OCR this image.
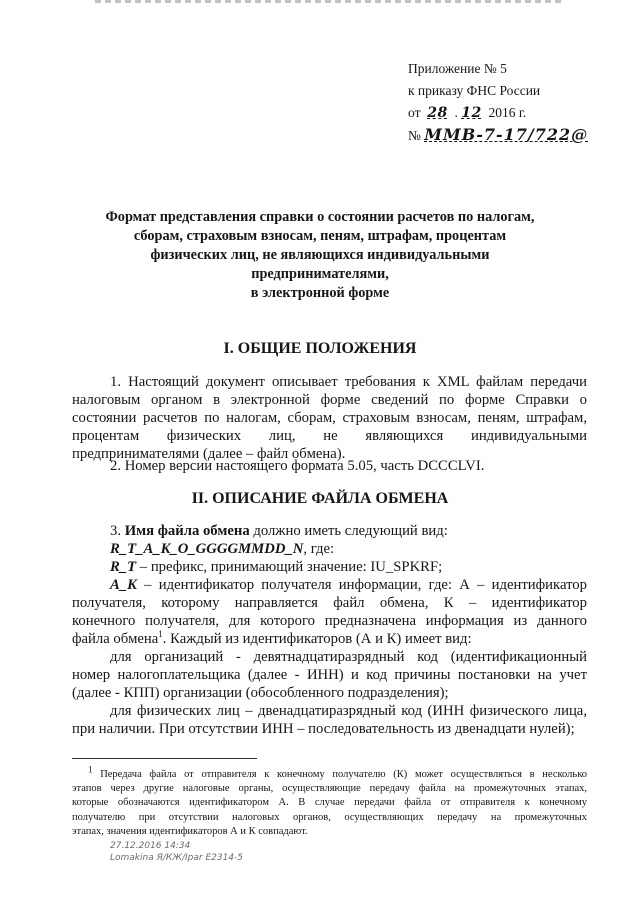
Приложение № 5
к приказу ФНС России
от 28  . 12 2016 г.
№ ММВ-7-17/722@
Формат представления справки о состоянии расчетов по налогам,
сборам, страховым взносам, пеням, штрафам, процентам
физических лиц, не являющихся индивидуальными
предпринимателями,
в электронной форме
I. ОБЩИЕ ПОЛОЖЕНИЯ
1. Настоящий документ описывает требования к XML файлам передачи
налоговым органом в электронной форме сведений по форме Справки о
состоянии расчетов по налогам, сборам, страховым взносам, пеням, штрафам,
процентам физических лиц, не являющихся индивидуальными
предпринимателями (далее – файл обмена).
2. Номер версии настоящего формата 5.05, часть DCCCLVI.
II. ОПИСАНИЕ ФАЙЛА ОБМЕНА
3. Имя файла обмена должно иметь следующий вид:
R_T_A_K_O_GGGGMMDD_N, где:
R_T – префикс, принимающий значение: IU_SPKRF;
A_K – идентификатор получателя информации, где: А – идентификатор
получателя, которому направляется файл обмена, К – идентификатор
конечного получателя, для которого предназначена информация из данного
файла обмена$^1$. Каждый из идентификаторов (А и К) имеет вид:
для организаций - девятнадцатиразрядный код (идентификационный
номер налогоплательщика (далее - ИНН) и код причины постановки на учет
(далее - КПП) организации (обособленного подразделения);
для физических лиц – двенадцатиразрядный код (ИНН физического лица,
при наличии. При отсутствии ИНН – последовательность из двенадцати нулей);
1 Передача файла от отправителя к конечному получателю (К) может осуществляться в несколько
этапов через другие налоговые органы, осуществляющие передачу файла на промежуточных этапах,
которые обозначаются идентификатором А. В случае передачи файла от отправителя к конечному
получателю при отсутствии налоговых органов, осуществляющих передачу на промежуточных
этапах, значения идентификаторов А и К совпадают.
27.12.2016 14:34
Lomakina Я/КЖ/Ipar Е2314-5
